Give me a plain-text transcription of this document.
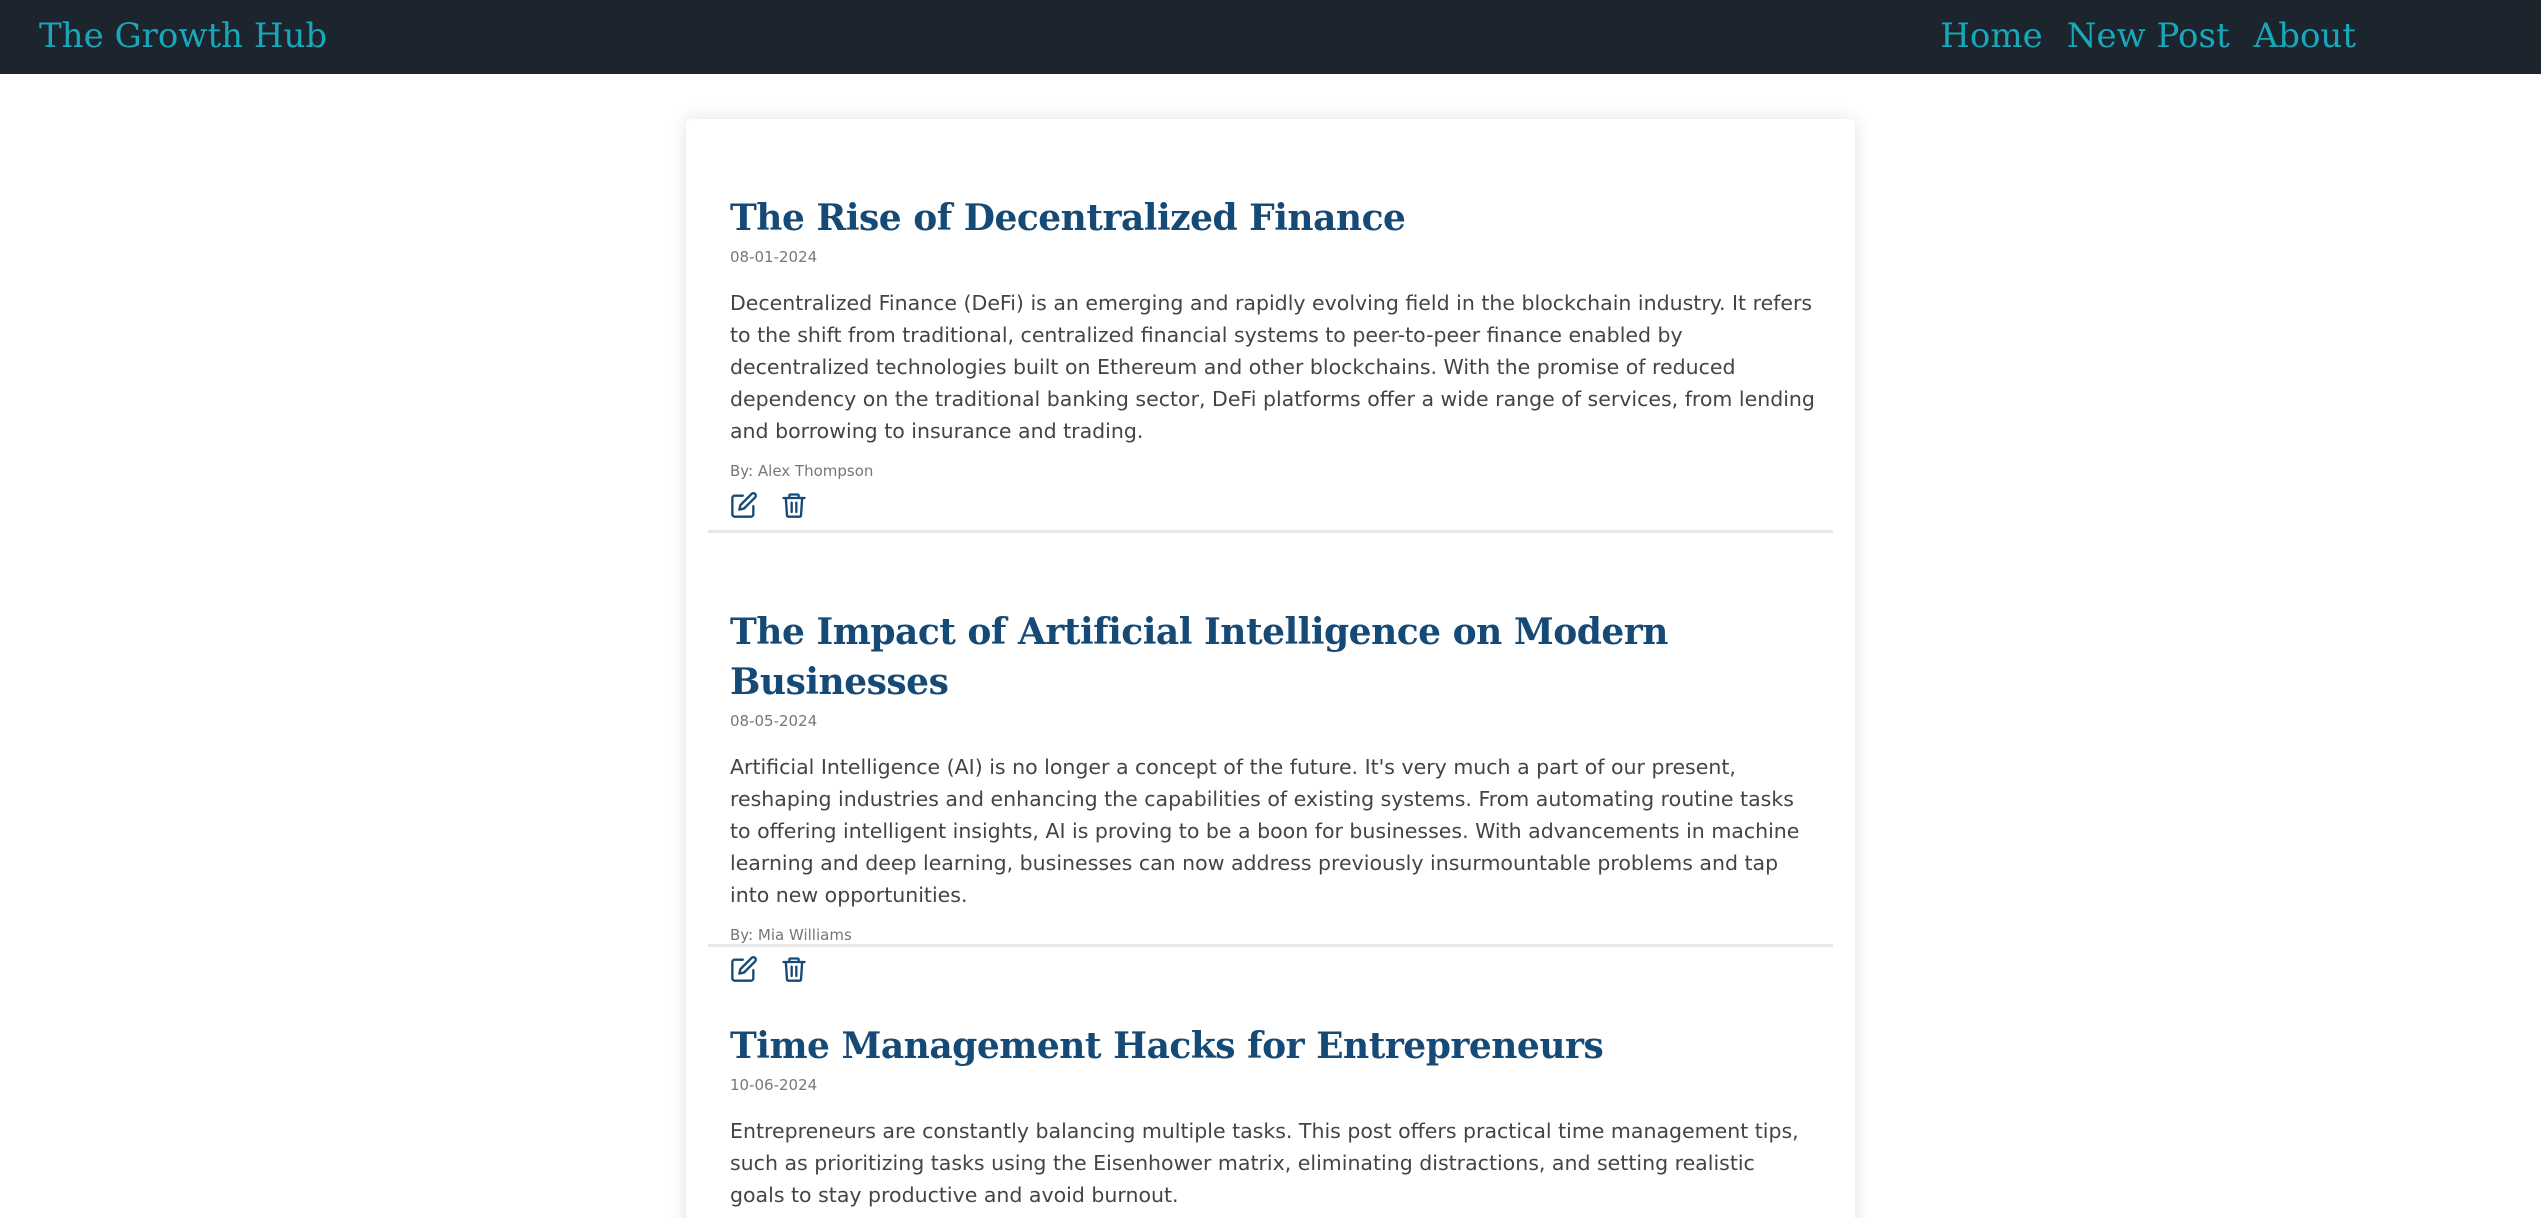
The Growth Hub	Home New Post About
The Rise of Decentralized Finance
08-01-2024
Decentralized Finance (DeFi) is an emerging and rapidly evolving field in the blockchain industry. It refers to the shift from traditional, centralized financial systems to peer-to-peer finance enabled by decentralized technologies built on Ethereum and other blockchains. With the promise of reduced dependency on the traditional banking sector, DeFi platforms offer a wide range of services, from lending and borrowing to insurance and trading.
By: Alex Thompson
The Impact of Artificial Intelligence on Modern Businesses
08-05-2024
Artificial Intelligence (AI) is no longer a concept of the future. It's very much a part of our present, reshaping industries and enhancing the capabilities of existing systems. From automating routine tasks to offering intelligent insights, AI is proving to be a boon for businesses. With advancements in machine learning and deep learning, businesses can now address previously insurmountable problems and tap into new opportunities.
By: Mia Williams
Time Management Hacks for Entrepreneurs
10-06-2024
Entrepreneurs are constantly balancing multiple tasks. This post offers practical time management tips, such as prioritizing tasks using the Eisenhower matrix, eliminating distractions, and setting realistic goals to stay productive and avoid burnout.
